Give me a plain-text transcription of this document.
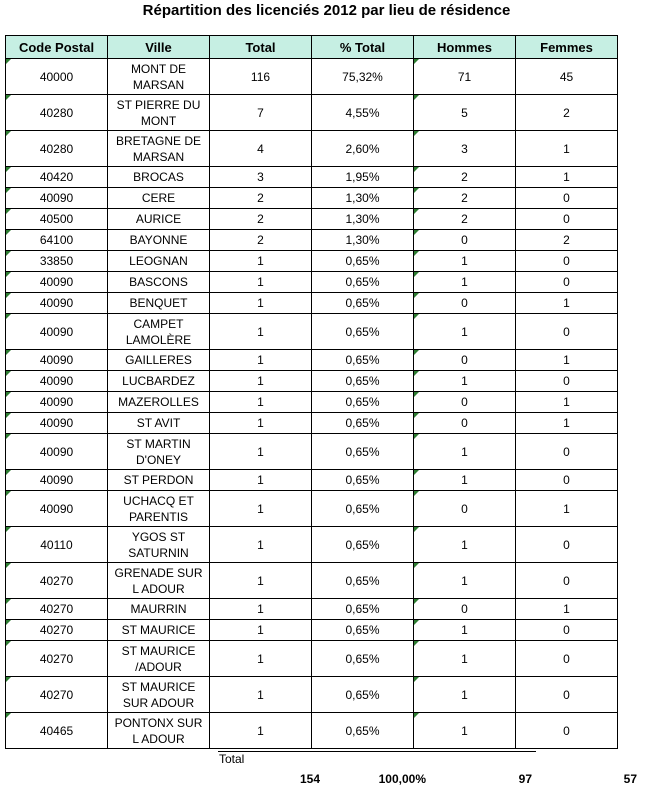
Répartition des licenciés 2012 par lieu de résidence
Code Postal	Ville	Total	% Total	Hommes	Femmes

40000	MONT DE MARSAN	116	75,32%	71	45

40280	ST PIERRE DU MONT	7	4,55%	5	2

40280	BRETAGNE DE MARSAN	4	2,60%	3	1

40420	BROCAS	3	1,95%	2	1

40090	CERE	2	1,30%	2	0

40500	AURICE	2	1,30%	2	0

64100	BAYONNE	2	1,30%	0	2

33850	LEOGNAN	1	0,65%	1	0

40090	BASCONS	1	0,65%	1	0

40090	BENQUET	1	0,65%	0	1

40090	CAMPET LAMOLÈRE	1	0,65%	1	0

40090	GAILLERES	1	0,65%	0	1

40090	LUCBARDEZ	1	0,65%	1	0

40090	MAZEROLLES	1	0,65%	0	1

40090	ST AVIT	1	0,65%	0	1

40090	ST MARTIN D'ONEY	1	0,65%	1	0

40090	ST PERDON	1	0,65%	1	0

40090	UCHACQ ET PARENTIS	1	0,65%	0	1

40110	YGOS ST SATURNIN	1	0,65%	1	0

40270	GRENADE SUR L ADOUR	1	0,65%	1	0

40270	MAURRIN	1	0,65%	0	1

40270	ST MAURICE	1	0,65%	1	0

40270	ST MAURICE /ADOUR	1	0,65%	1	0

40270	ST MAURICE SUR ADOUR	1	0,65%	1	0

40465	PONTONX SUR L ADOUR	1	0,65%	1	0
Total
154	100,00%	97	57
